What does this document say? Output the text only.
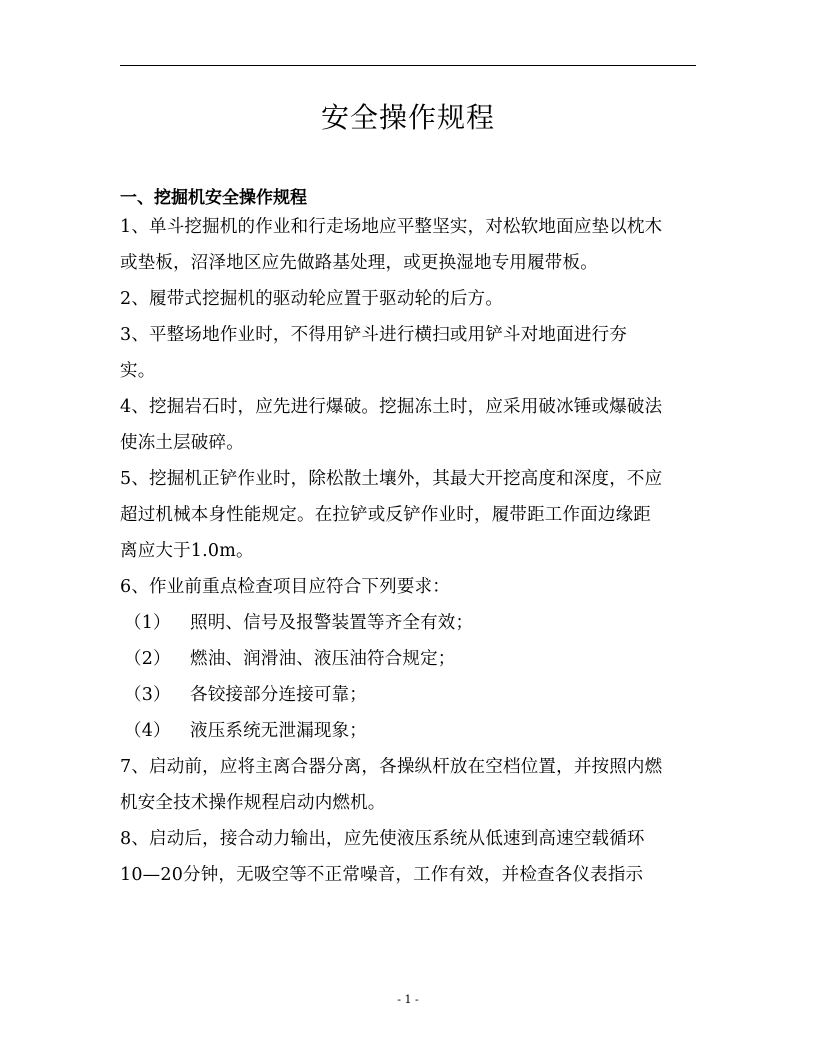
安全操作规程
一、挖掘机安全操作规程
1、单斗挖掘机的作业和行走场地应平整坚实，对松软地面应垫以枕木
或垫板，沼泽地区应先做路基处理，或更换湿地专用履带板。
2、履带式挖掘机的驱动轮应置于驱动轮的后方。
3、平整场地作业时，不得用铲斗进行横扫或用铲斗对地面进行夯
实。
4、挖掘岩石时，应先进行爆破。挖掘冻土时，应采用破冰锤或爆破法
使冻土层破碎。
5、挖掘机正铲作业时，除松散土壤外，其最大开挖高度和深度，不应
超过机械本身性能规定。在拉铲或反铲作业时，履带距工作面边缘距
离应大于1.0m。
6、作业前重点检查项目应符合下列要求：
（1）	照明、信号及报警装置等齐全有效；
（2）	燃油、润滑油、液压油符合规定；
（3）	各铰接部分连接可靠；
（4）	液压系统无泄漏现象；
7、启动前，应将主离合器分离，各操纵杆放在空档位置，并按照内燃
机安全技术操作规程启动内燃机。
8、启动后，接合动力输出，应先使液压系统从低速到高速空载循环
10—20分钟，无吸空等不正常噪音，工作有效，并检查各仪表指示
- 1 -
